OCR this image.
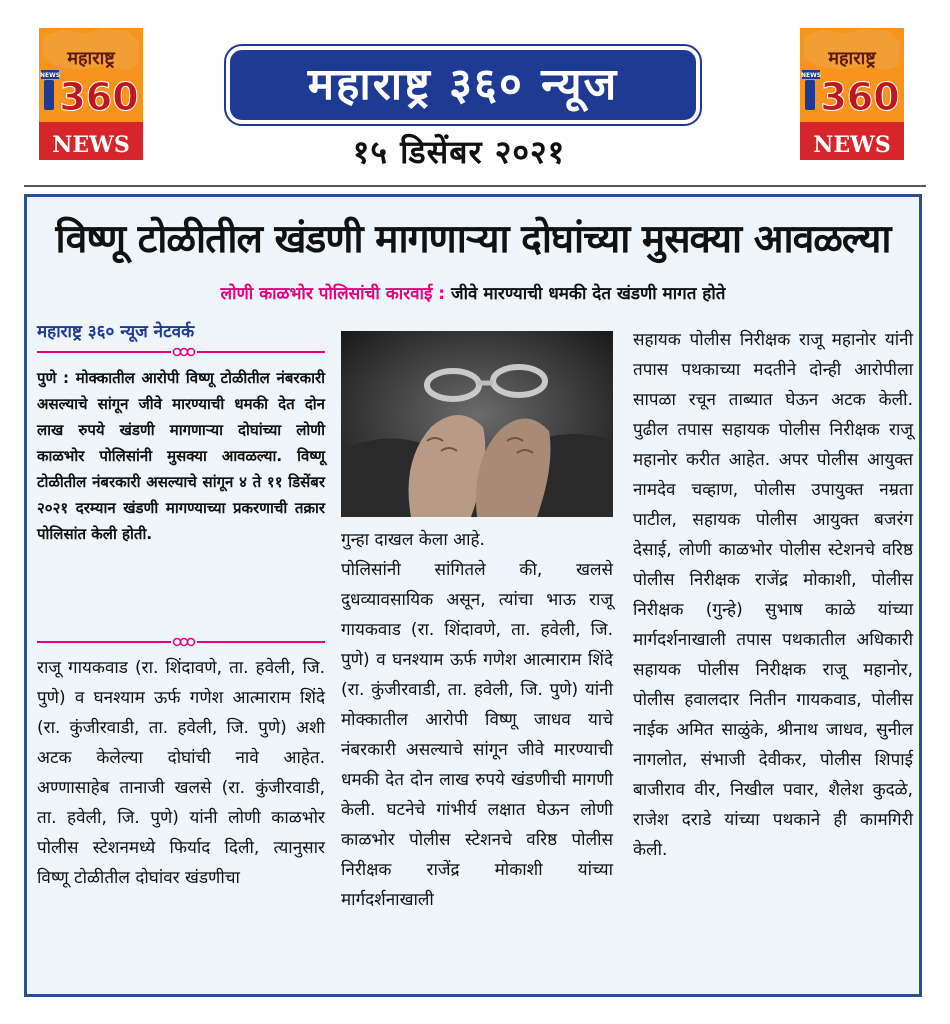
महाराष्ट्र
NEWS 360
NEWS
महाराष्ट्र
NEWS 360
NEWS
महाराष्ट्र ३६० न्यूज
१५ डिसेंबर २०२१
विष्णू टोळीतील खंडणी मागणाऱ्या दोघांच्या मुसक्या आवळल्या
लोणी काळभोर पोलिसांची कारवाई : जीवे मारण्याची धमकी देत खंडणी मागत होते
महाराष्ट्र ३६० न्यूज नेटवर्क
पुणे : मोक्कातील आरोपी विष्णू टोळीतील नंबरकारी असल्याचे सांगून जीवे मारण्याची धमकी देत दोन लाख रुपये खंडणी मागणाऱ्या दोघांच्या लोणी काळभोर पोलिसांनी मुसक्या आवळल्या. विष्णू टोळीतील नंबरकारी असल्याचे सांगून ४ ते ११ डिसेंबर २०२१ दरम्यान खंडणी मागण्याच्या प्रकरणाची तक्रार पोलिसांत केली होती.
राजू गायकवाड (रा. शिंदावणे, ता. हवेली, जि. पुणे) व घनश्याम ऊर्फ गणेश आत्माराम शिंदे (रा. कुंजीरवाडी, ता. हवेली, जि. पुणे) अशी अटक केलेल्या दोघांची नावे आहेत. अण्णासाहेब तानाजी खलसे (रा. कुंजीरवाडी, ता. हवेली, जि. पुणे) यांनी लोणी काळभोर पोलीस स्टेशनमध्ये फिर्याद दिली, त्यानुसार विष्णू टोळीतील दोघांवर खंडणीचा
गुन्हा दाखल केला आहे.
पोलिसांनी सांगितले की, खलसे दुधव्यावसायिक असून, त्यांचा भाऊ राजू गायकवाड (रा. शिंदावणे, ता. हवेली, जि. पुणे) व घनश्याम ऊर्फ गणेश आत्माराम शिंदे (रा. कुंजीरवाडी, ता. हवेली, जि. पुणे) यांनी मोक्कातील आरोपी विष्णू जाधव याचे नंबरकारी असल्याचे सांगून जीवे मारण्याची धमकी देत दोन लाख रुपये खंडणीची मागणी केली. घटनेचे गांभीर्य लक्षात घेऊन लोणी काळभोर पोलीस स्टेशनचे वरिष्ठ पोलीस निरीक्षक राजेंद्र मोकाशी यांच्या मार्गदर्शनाखाली
सहायक पोलीस निरीक्षक राजू महानोर यांनी तपास पथकाच्या मदतीने दोन्ही आरोपीला सापळा रचून ताब्यात घेऊन अटक केली. पुढील तपास सहायक पोलीस निरीक्षक राजू महानोर करीत आहेत. अपर पोलीस आयुक्त नामदेव चव्हाण, पोलीस उपायुक्त नम्रता पाटील, सहायक पोलीस आयुक्त बजरंग देसाई, लोणी काळभोर पोलीस स्टेशनचे वरिष्ठ पोलीस निरीक्षक राजेंद्र मोकाशी, पोलीस निरीक्षक (गुन्हे) सुभाष काळे यांच्या मार्गदर्शनाखाली तपास पथकातील अधिकारी सहायक पोलीस निरीक्षक राजू महानोर, पोलीस हवालदार नितीन गायकवाड, पोलीस नाईक अमित साळुंके, श्रीनाथ जाधव, सुनील नागलोत, संभाजी देवीकर, पोलीस शिपाई बाजीराव वीर, निखील पवार, शैलेश कुदळे, राजेश दराडे यांच्या पथकाने ही कामगिरी केली.
